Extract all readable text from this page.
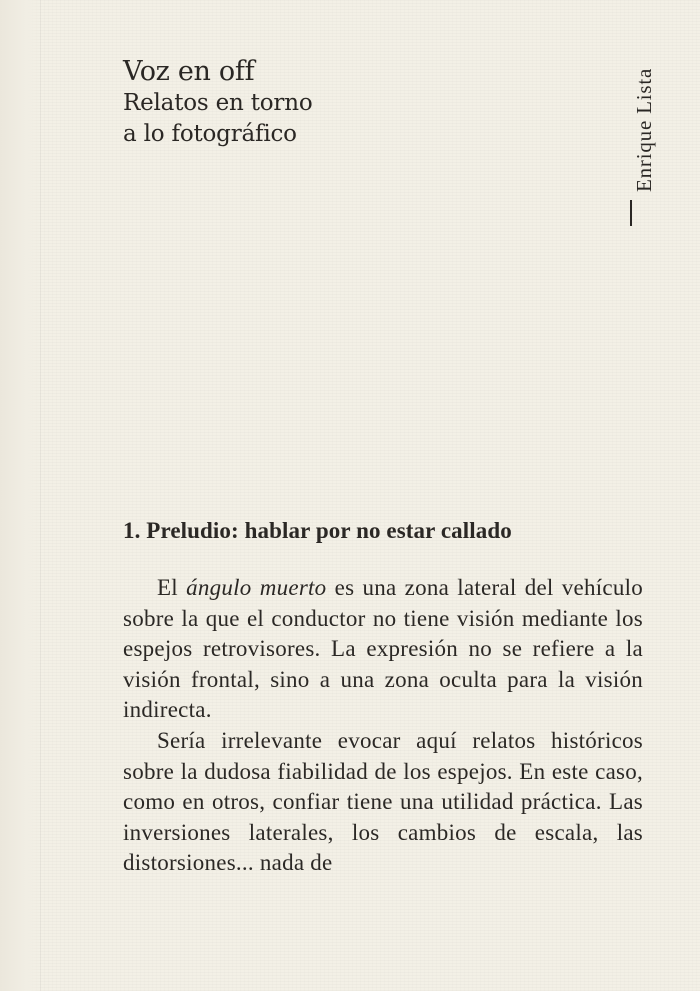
Voz en off

Relatos en torno
a lo fotográfico	Enrique Lista
1. Preludio: hablar por no estar callado

El ángulo muerto es una zona lateral del vehículo sobre la que el conductor no tiene visión mediante los espejos retrovisores. La expresión no se refiere a la visión frontal, sino a una zona oculta para la visión indirecta.

Sería irrelevante evocar aquí relatos históricos sobre la dudosa fiabilidad de los espejos. En este caso, como en otros, confiar tiene una utilidad práctica. Las inversiones laterales, los cambios de escala, las distorsiones... nada de
